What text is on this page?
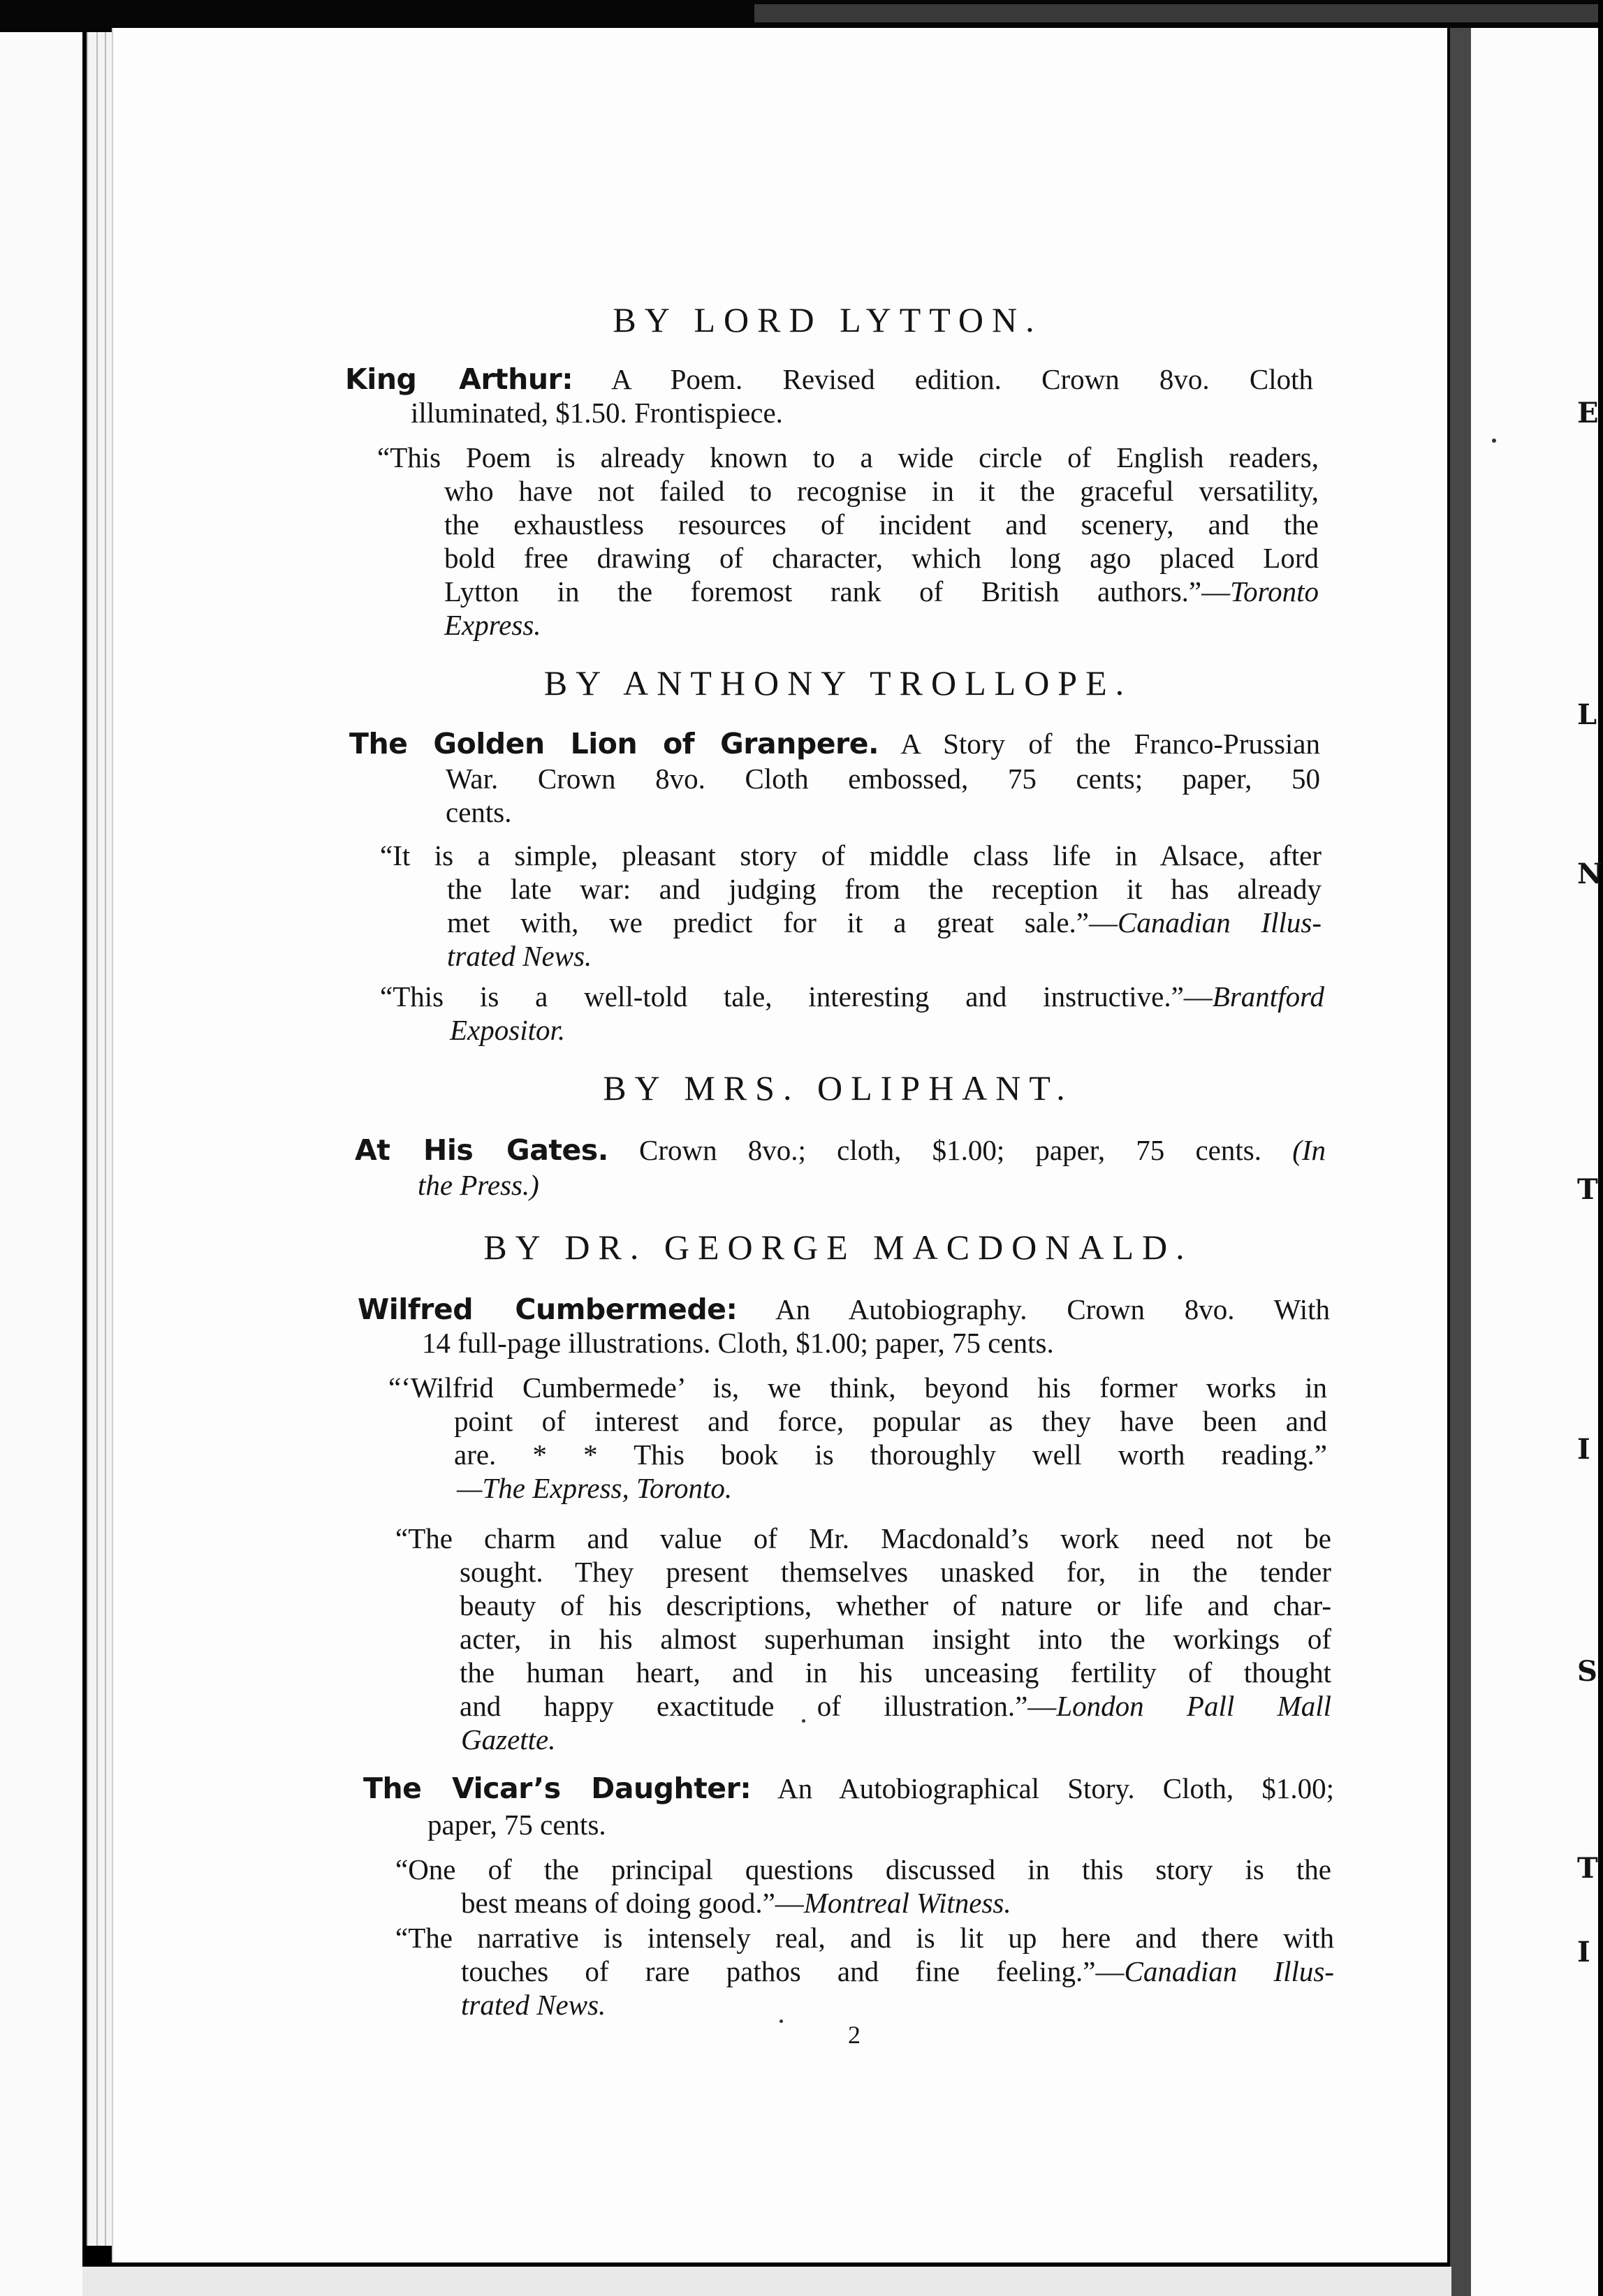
E
L
N
T
I
S
T
I
BY LORD LYTTON.
King Arthur: A Poem. Revised edition. Crown 8vo. Cloth
illuminated, $1.50. Frontispiece.
“This Poem is already known to a wide circle of English readers,
who have not failed to recognise in it the graceful versatility,
the exhaustless resources of incident and scenery, and the
bold free drawing of character, which long ago placed Lord
Lytton in the foremost rank of British authors.”—Toronto
Express.
BY ANTHONY TROLLOPE.
The Golden Lion of Granpere. A Story of the Franco-Prussian
War. Crown 8vo. Cloth embossed, 75 cents; paper, 50
cents.
“It is a simple, pleasant story of middle class life in Alsace, after
the late war: and judging from the reception it has already
met with, we predict for it a great sale.”—Canadian Illus-
trated News.
“This is a well-told tale, interesting and instructive.”—Brantford
Expositor.
BY MRS. OLIPHANT.
At His Gates. Crown 8vo.; cloth, $1.00; paper, 75 cents. (In
the Press.)
BY DR. GEORGE MACDONALD.
Wilfred Cumbermede: An Autobiography. Crown 8vo. With
14 full-page illustrations. Cloth, $1.00; paper, 75 cents.
“‘Wilfrid Cumbermede’ is, we think, beyond his former works in
point of interest and force, popular as they have been and
are. * * This book is thoroughly well worth reading.”
—The Express, Toronto.
“The charm and value of Mr. Macdonald’s work need not be
sought. They present themselves unasked for, in the tender
beauty of his descriptions, whether of nature or life and char-
acter, in his almost superhuman insight into the workings of
the human heart, and in his unceasing fertility of thought
and happy exactitude of illustration.”—London Pall Mall
Gazette.
The Vicar’s Daughter: An Autobiographical Story. Cloth, $1.00;
paper, 75 cents.
“One of the principal questions discussed in this story is the
best means of doing good.”—Montreal Witness.
“The narrative is intensely real, and is lit up here and there with
touches of rare pathos and fine feeling.”—Canadian Illus-
trated News.
2
